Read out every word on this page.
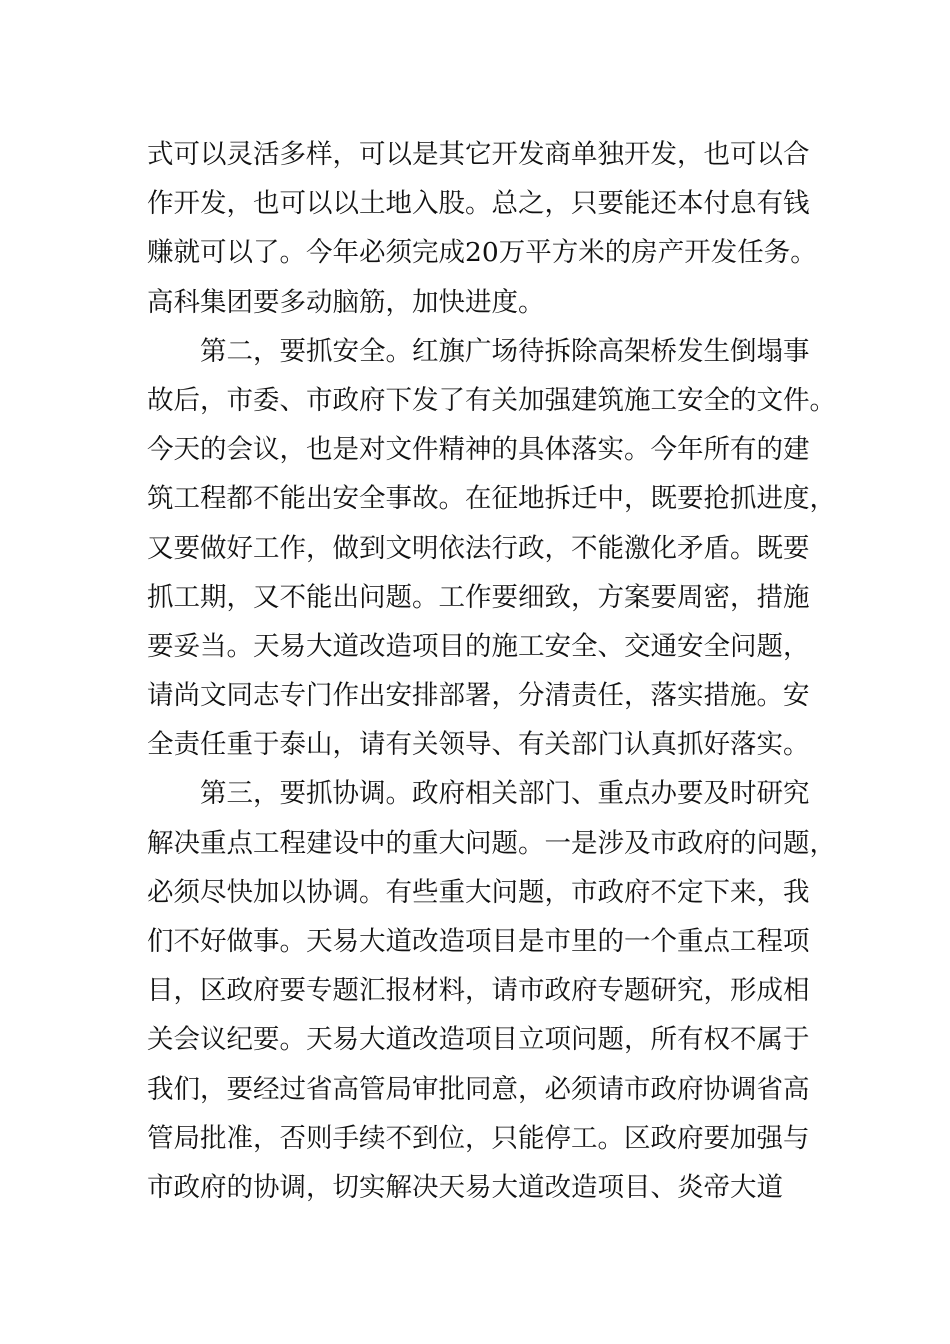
式可以灵活多样，可以是其它开发商单独开发，也可以合
作开发，也可以以土地入股。总之，只要能还本付息有钱
赚就可以了。今年必须完成20万平方米的房产开发任务。
高科集团要多动脑筋，加快进度。
第二，要抓安全。红旗广场待拆除高架桥发生倒塌事
故后，市委、市政府下发了有关加强建筑施工安全的文件。
今天的会议，也是对文件精神的具体落实。今年所有的建
筑工程都不能出安全事故。在征地拆迁中，既要抢抓进度，
又要做好工作，做到文明依法行政，不能激化矛盾。既要
抓工期，又不能出问题。工作要细致，方案要周密，措施
要妥当。天易大道改造项目的施工安全、交通安全问题，
请尚文同志专门作出安排部署，分清责任，落实措施。安
全责任重于泰山，请有关领导、有关部门认真抓好落实。
第三，要抓协调。政府相关部门、重点办要及时研究
解决重点工程建设中的重大问题。一是涉及市政府的问题，
必须尽快加以协调。有些重大问题，市政府不定下来，我
们不好做事。天易大道改造项目是市里的一个重点工程项
目，区政府要专题汇报材料，请市政府专题研究，形成相
关会议纪要。天易大道改造项目立项问题，所有权不属于
我们，要经过省高管局审批同意，必须请市政府协调省高
管局批准，否则手续不到位，只能停工。区政府要加强与
市政府的协调，切实解决天易大道改造项目、炎帝大道
